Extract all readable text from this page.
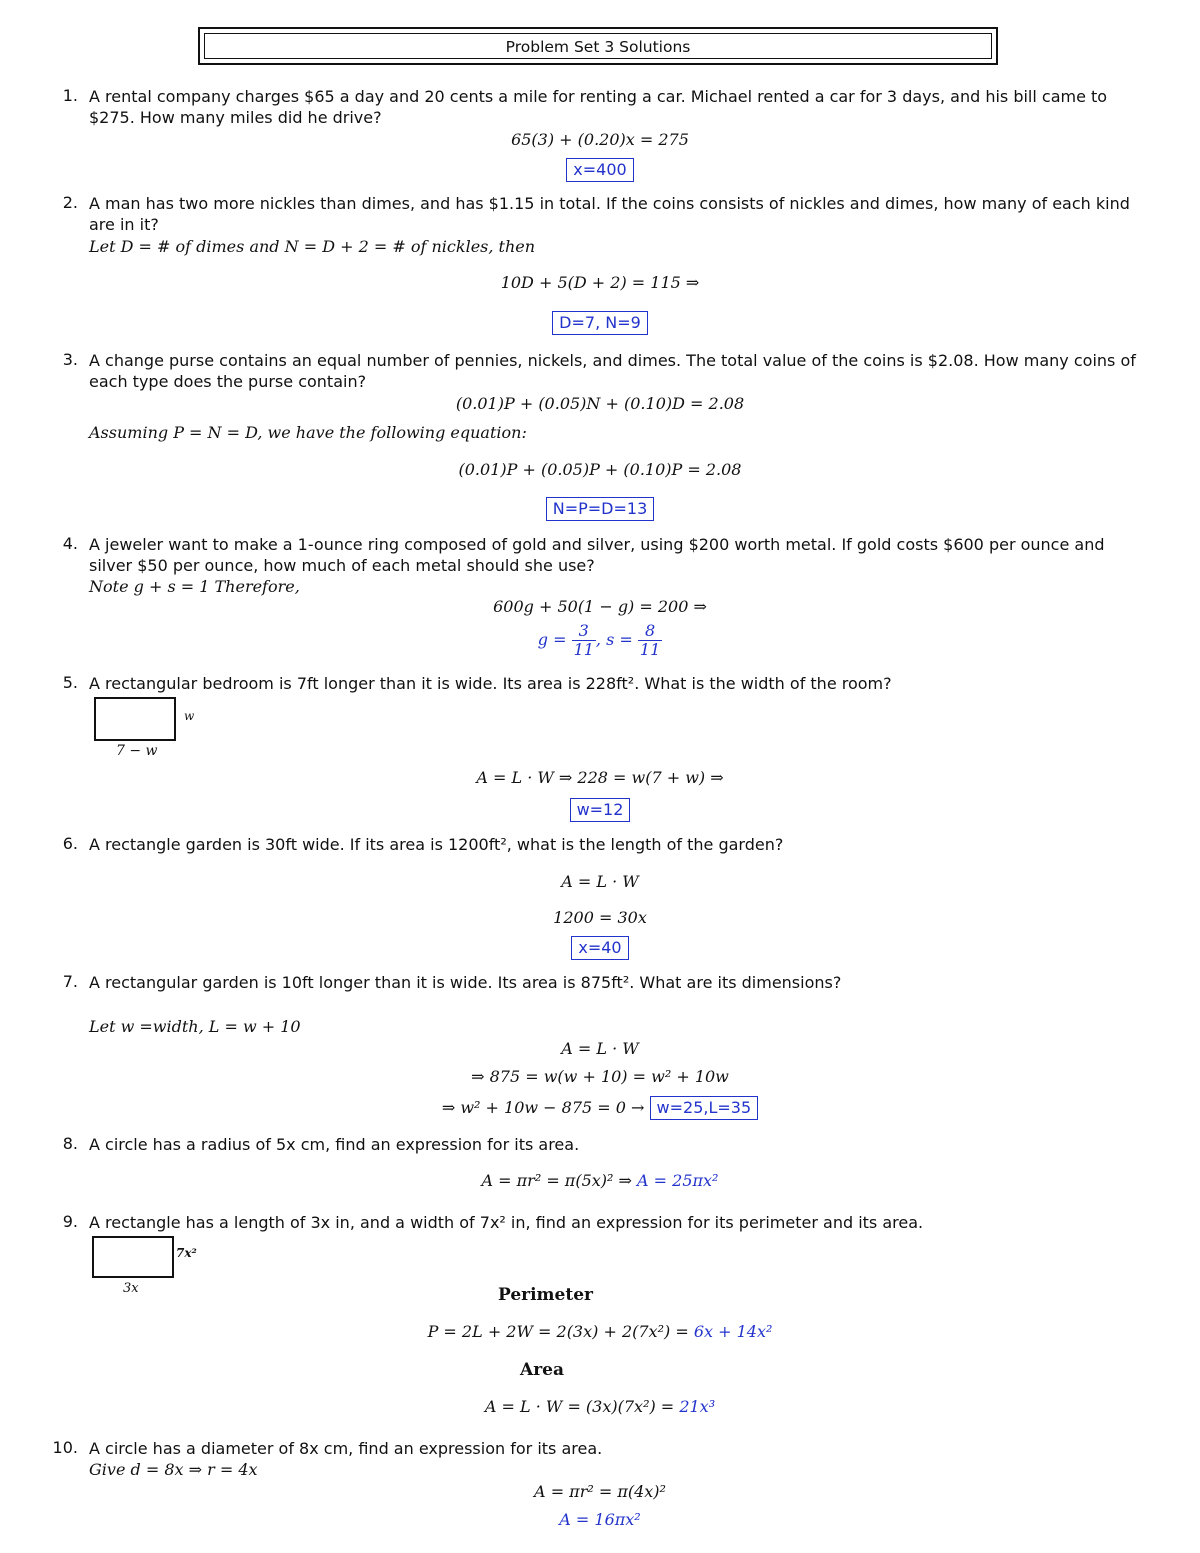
Problem Set 3 Solutions
1. A rental company charges $65 a day and 20 cents a mile for renting a car. Michael rented a car for 3 days, and his bill came to $275. How many miles did he drive?
65(3) + (0.20)x = 275
x=400
2. A man has two more nickles than dimes, and has $1.15 in total. If the coins consists of nickles and dimes, how many of each kind are in it?
Let D = # of dimes and N = D + 2 = # of nickles, then
10D + 5(D + 2) = 115 ⇒
D=7, N=9
3. A change purse contains an equal number of pennies, nickels, and dimes. The total value of the coins is $2.08. How many coins of each type does the purse contain?
(0.01)P + (0.05)N + (0.10)D = 2.08
Assuming P = N = D, we have the following equation:
(0.01)P + (0.05)P + (0.10)P = 2.08
N=P=D=13
4. A jeweler want to make a 1-ounce ring composed of gold and silver, using $200 worth metal. If gold costs $600 per ounce and silver $50 per ounce, how much of each metal should she use?
Note g + s = 1 Therefore,
600g + 50(1 − g) = 200 ⇒
$g = \frac{3}{11}$ , $s = \frac{8}{11}$
5. A rectangular bedroom is 7ft longer than it is wide. Its area is 228ft². What is the width of the room?
w
7 − w
A = L · W ⇒ 228 = w(7 + w) ⇒
w=12
6. A rectangle garden is 30ft wide. If its area is 1200ft², what is the length of the garden?
A = L · W
1200 = 30x
x=40
7. A rectangular garden is 10ft longer than it is wide. Its area is 875ft². What are its dimensions?
Let w =width, L = w + 10
A = L · W
⇒ 875 = w(w + 10) = w² + 10w
⇒ w² + 10w − 875 = 0 → w=25,L=35
8. A circle has a radius of 5x cm, find an expression for its area.
A = πr² = π(5x)² ⇒ A = 25πx²
9. A rectangle has a length of 3x in, and a width of 7x² in, find an expression for its perimeter and its area.
7x²
3x	Perimeter
P = 2L + 2W = 2(3x) + 2(7x²) = 6x + 14x²
Area
A = L · W = (3x)(7x²) = 21x³
10. A circle has a diameter of 8x cm, find an expression for its area.
Give d = 8x ⇒ r = 4x
A = πr² = π(4x)²
A = 16πx²
